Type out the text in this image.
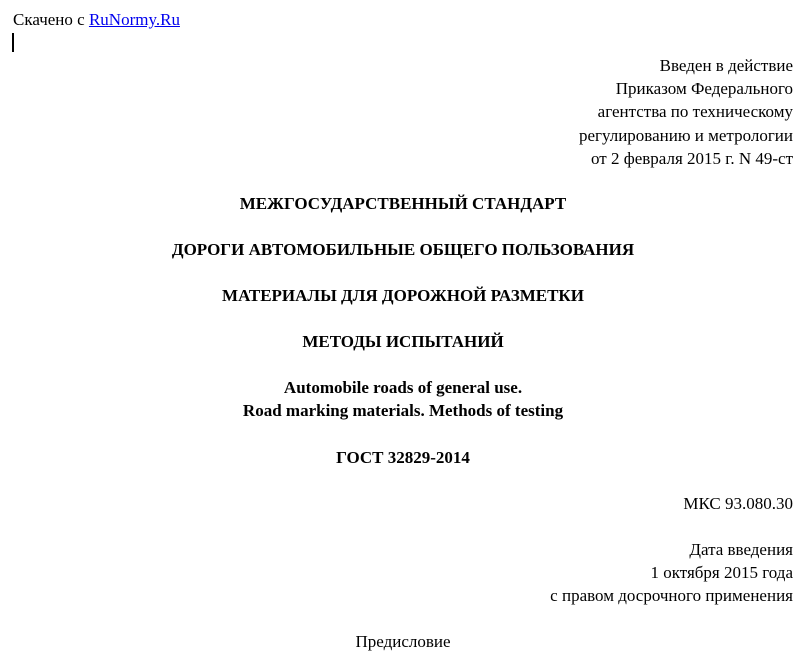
Скачено с RuNormy.Ru
Введен в действие
Приказом Федерального
агентства по техническому
регулированию и метрологии
от 2 февраля 2015 г. N 49-ст
МЕЖГОСУДАРСТВЕННЫЙ СТАНДАРТ
ДОРОГИ АВТОМОБИЛЬНЫЕ ОБЩЕГО ПОЛЬЗОВАНИЯ
МАТЕРИАЛЫ ДЛЯ ДОРОЖНОЙ РАЗМЕТКИ
МЕТОДЫ ИСПЫТАНИЙ
Automobile roads of general use.
Road marking materials. Methods of testing
ГОСТ 32829-2014
МКС 93.080.30
Дата введения
1 октября 2015 года
с правом досрочного применения
Предисловие
